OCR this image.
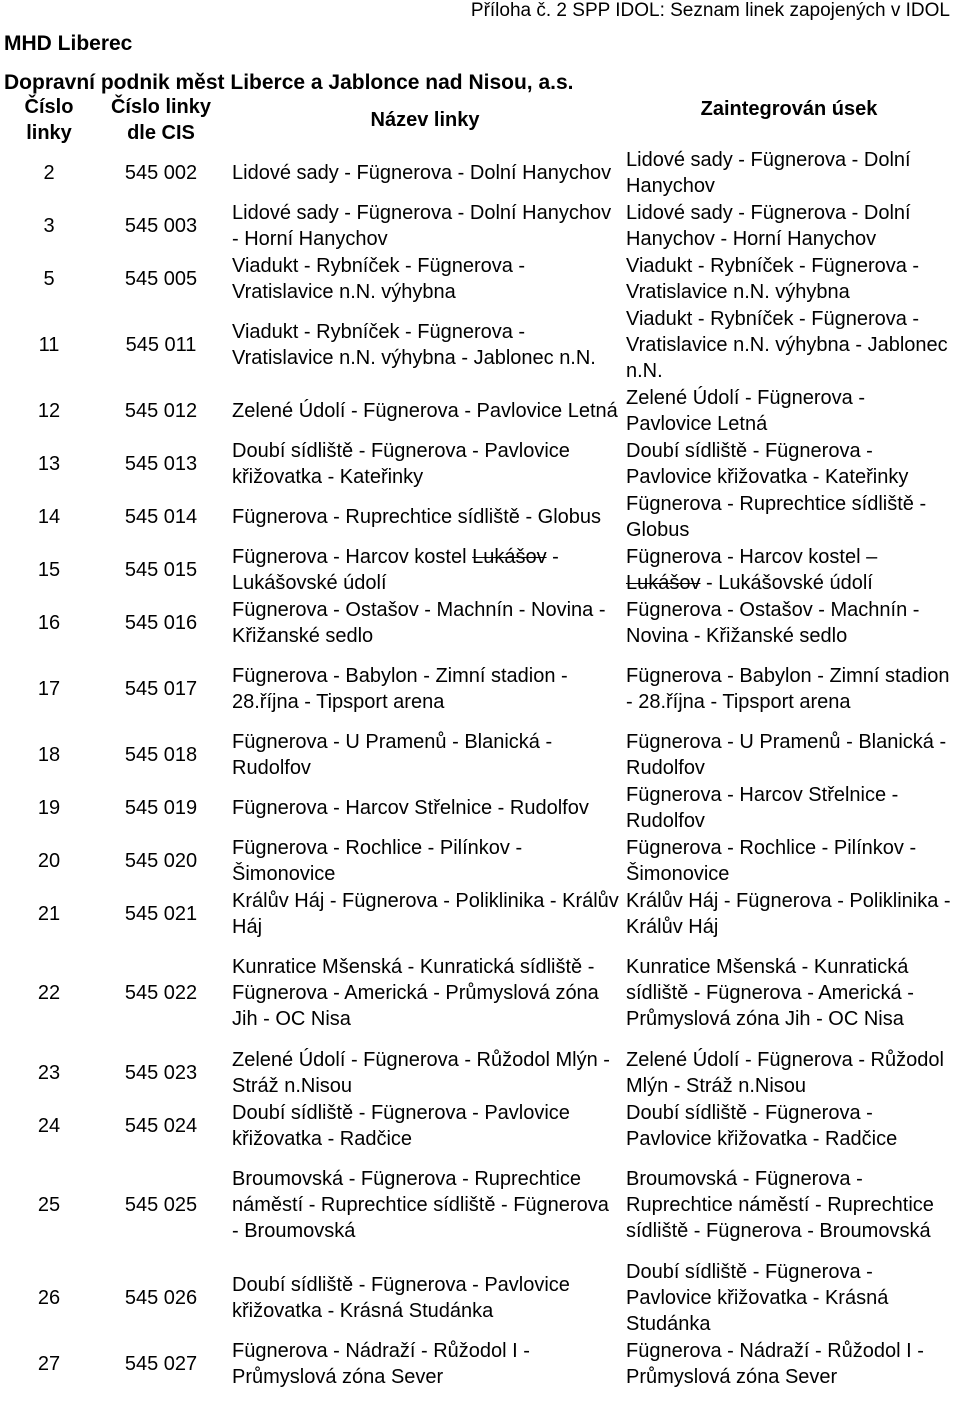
Příloha č. 2 SPP IDOL: Seznam linek zapojených v IDOL
MHD Liberec
Dopravní podnik měst Liberce a Jablonce nad Nisou, a.s.
Číslo linky	Číslo linky dle CIS	Název linky	Zaintegrován úsek
2	545 002	Lidové sady - Fügnerova - Dolní Hanychov	Lidové sady - Fügnerova - Dolní Hanychov
3	545 003	Lidové sady - Fügnerova - Dolní Hanychov - Horní Hanychov	Lidové sady - Fügnerova - Dolní Hanychov - Horní Hanychov
5	545 005	Viadukt - Rybníček - Fügnerova - Vratislavice n.N. výhybna	Viadukt - Rybníček - Fügnerova - Vratislavice n.N. výhybna
11	545 011	Viadukt - Rybníček - Fügnerova - Vratislavice n.N. výhybna - Jablonec n.N.	Viadukt - Rybníček - Fügnerova - Vratislavice n.N. výhybna - Jablonec n.N.
12	545 012	Zelené Údolí - Fügnerova - Pavlovice Letná	Zelené Údolí - Fügnerova - Pavlovice Letná
13	545 013	Doubí sídliště - Fügnerova - Pavlovice křižovatka - Kateřinky	Doubí sídliště - Fügnerova - Pavlovice křižovatka - Kateřinky
14	545 014	Fügnerova - Ruprechtice sídliště - Globus	Fügnerova - Ruprechtice sídliště - Globus
15	545 015	Fügnerova - Harcov kostel Lukášov - Lukášovské údolí	Fügnerova - Harcov kostel – Lukášov - Lukášovské údolí
16	545 016	Fügnerova - Ostašov - Machnín - Novina - Křižanské sedlo	Fügnerova - Ostašov - Machnín - Novina - Křižanské sedlo
17	545 017	Fügnerova - Babylon - Zimní stadion - 28.října - Tipsport arena	Fügnerova - Babylon - Zimní stadion - 28.října - Tipsport arena
18	545 018	Fügnerova - U Pramenů - Blanická - Rudolfov	Fügnerova - U Pramenů - Blanická - Rudolfov
19	545 019	Fügnerova - Harcov Střelnice - Rudolfov	Fügnerova - Harcov Střelnice - Rudolfov
20	545 020	Fügnerova - Rochlice - Pilínkov - Šimonovice	Fügnerova - Rochlice - Pilínkov - Šimonovice
21	545 021	Králův Háj - Fügnerova - Poliklinika - Králův Háj	Králův Háj - Fügnerova - Poliklinika - Králův Háj
22	545 022	Kunratice Mšenská - Kunratická sídliště - Fügnerova - Americká - Průmyslová zóna Jih - OC Nisa	Kunratice Mšenská - Kunratická sídliště - Fügnerova - Americká - Průmyslová zóna Jih - OC Nisa
23	545 023	Zelené Údolí - Fügnerova - Růžodol Mlýn - Stráž n.Nisou	Zelené Údolí - Fügnerova - Růžodol Mlýn - Stráž n.Nisou
24	545 024	Doubí sídliště - Fügnerova - Pavlovice křižovatka - Radčice	Doubí sídliště - Fügnerova - Pavlovice křižovatka - Radčice
25	545 025	Broumovská - Fügnerova - Ruprechtice náměstí - Ruprechtice sídliště - Fügnerova - Broumovská	Broumovská - Fügnerova - Ruprechtice náměstí - Ruprechtice sídliště - Fügnerova - Broumovská
26	545 026	Doubí sídliště - Fügnerova - Pavlovice křižovatka - Krásná Studánka	Doubí sídliště - Fügnerova - Pavlovice křižovatka - Krásná Studánka
27	545 027	Fügnerova - Nádraží - Růžodol I - Průmyslová zóna Sever	Fügnerova - Nádraží - Růžodol I - Průmyslová zóna Sever
